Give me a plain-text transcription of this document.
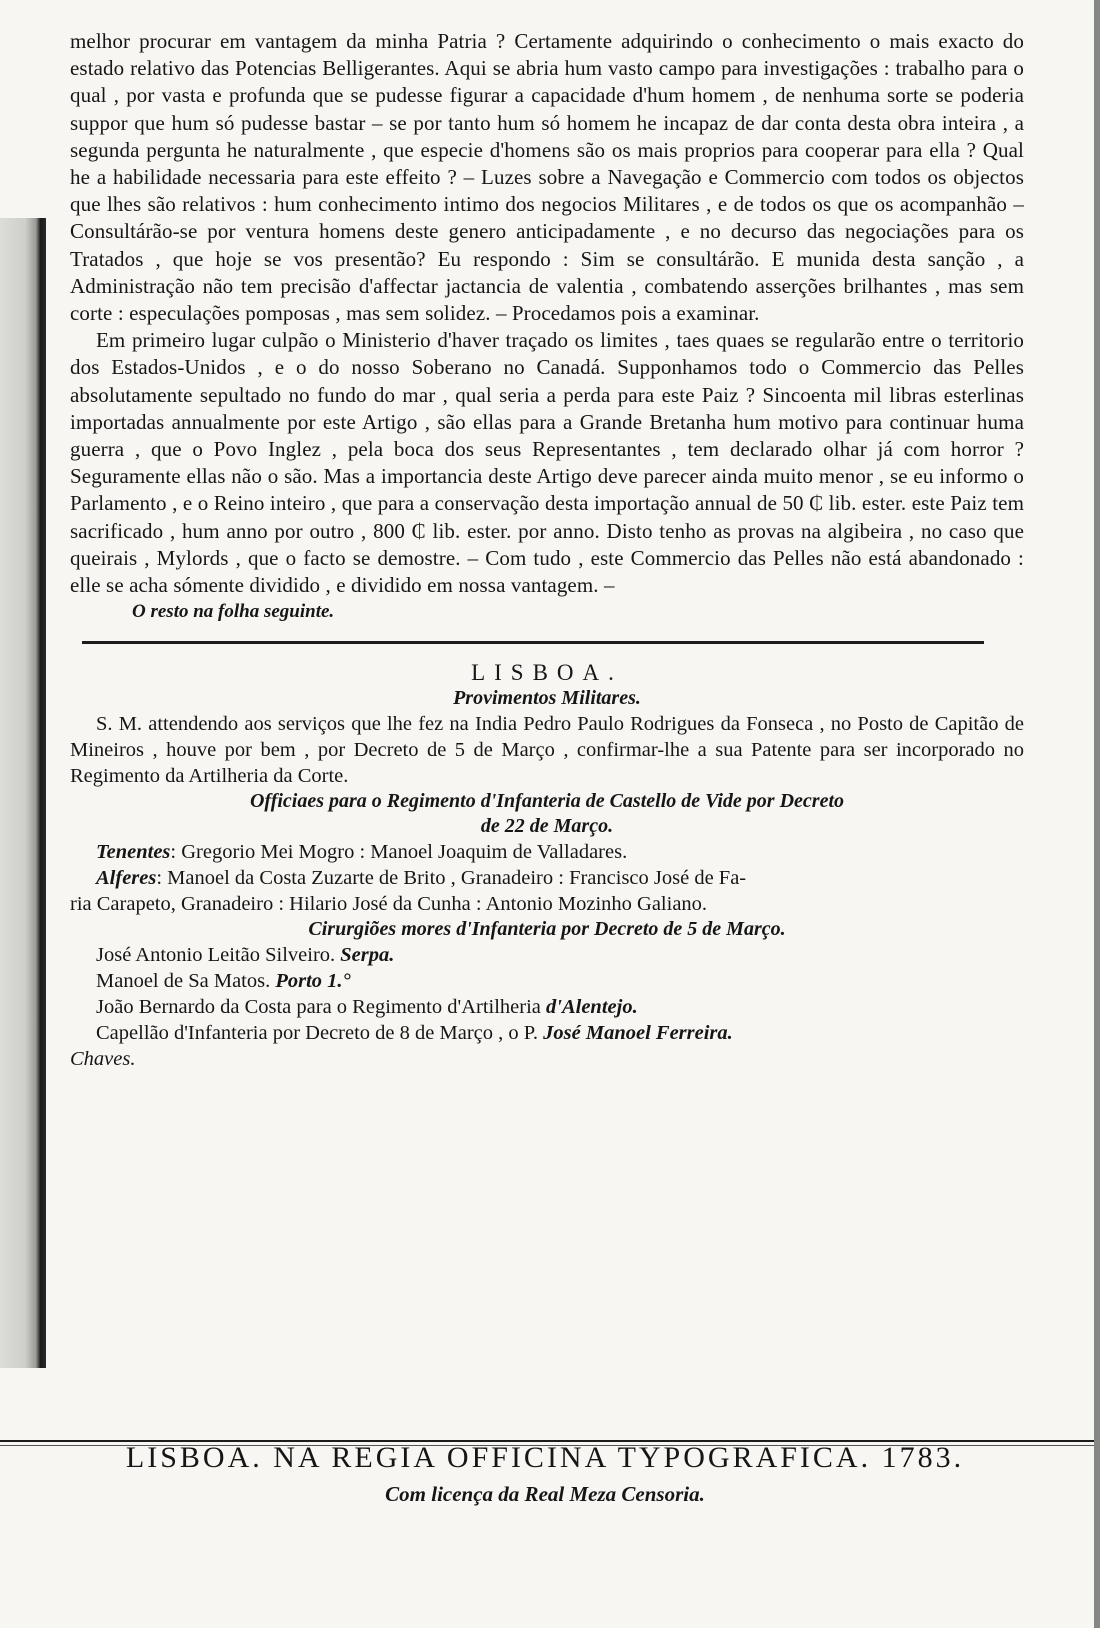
melhor procurar em vantagem da minha Patria ? Certamente adquirindo o conhecimento o mais exacto do estado relativo das Potencias Belligerantes. Aqui se abria hum vasto campo para investigações : trabalho para o qual , por vasta e profunda que se pudesse figurar a capacidade d'hum homem , de nenhuma sorte se poderia suppor que hum só pudesse bastar – se por tanto hum só homem he incapaz de dar conta desta obra inteira , a segunda pergunta he naturalmente , que especie d'homens são os mais proprios para cooperar para ella ? Qual he a habilidade necessaria para este effeito ? – Luzes sobre a Navegação e Commercio com todos os objectos que lhes são relativos : hum conhecimento intimo dos negocios Militares , e de todos os que os acompanhão – Consultárão-se por ventura homens deste genero anticipadamente , e no decurso das negociações para os Tratados , que hoje se vos presentão? Eu respondo : Sim se consultárão. E munida desta sanção , a Administração não tem precisão d'affectar jactancia de valentia , combatendo asserções brilhantes , mas sem corte : especulações pomposas , mas sem solidez. – Procedamos pois a examinar.

Em primeiro lugar culpão o Ministerio d'haver traçado os limites , taes quaes se regularão entre o territorio dos Estados-Unidos , e o do nosso Soberano no Canadá. Supponhamos todo o Commercio das Pelles absolutamente sepultado no fundo do mar , qual seria a perda para este Paiz ? Sincoenta mil libras esterlinas importadas annualmente por este Artigo , são ellas para a Grande Bretanha hum motivo para continuar huma guerra , que o Povo Inglez , pela boca dos seus Representantes , tem declarado olhar já com horror ? Seguramente ellas não o são. Mas a importancia deste Artigo deve parecer ainda muito menor , se eu informo o Parlamento , e o Reino inteiro , que para a conservação desta importação annual de 50 ₵ lib. ester. este Paiz tem sacrificado , hum anno por outro , 800 ₵ lib. ester. por anno. Disto tenho as provas na algibeira , no caso que queirais , Mylords , que o facto se demostre. – Com tudo , este Commercio das Pelles não está abandonado : elle se acha sómente dividido , e dividido em nossa vantagem. –

O resto na folha seguinte.

LISBOA.

Provimentos Militares.

S. M. attendendo aos serviços que lhe fez na India Pedro Paulo Rodrigues da Fonseca , no Posto de Capitão de Mineiros , houve por bem , por Decreto de 5 de Março , confirmar-lhe a sua Patente para ser incorporado no Regimento da Artilheria da Corte.

Officiaes para o Regimento d'Infanteria de Castello de Vide por Decreto

de 22 de Março.

Tenentes: Gregorio Mei Mogro : Manoel Joaquim de Valladares.

Alferes: Manoel da Costa Zuzarte de Brito , Granadeiro : Francisco José de Fa-

ria Carapeto, Granadeiro : Hilario José da Cunha : Antonio Mozinho Galiano.

Cirurgiões mores d'Infanteria por Decreto de 5 de Março.

José Antonio Leitão Silveiro. Serpa.

Manoel de Sa Matos. Porto 1.°

João Bernardo da Costa para o Regimento d'Artilheria d'Alentejo.

Capellão d'Infanteria por Decreto de 8 de Março , o P. José Manoel Ferreira.

Chaves.

LISBOA. NA REGIA OFFICINA TYPOGRAFICA. 1783.

Com licença da Real Meza Censoria.
